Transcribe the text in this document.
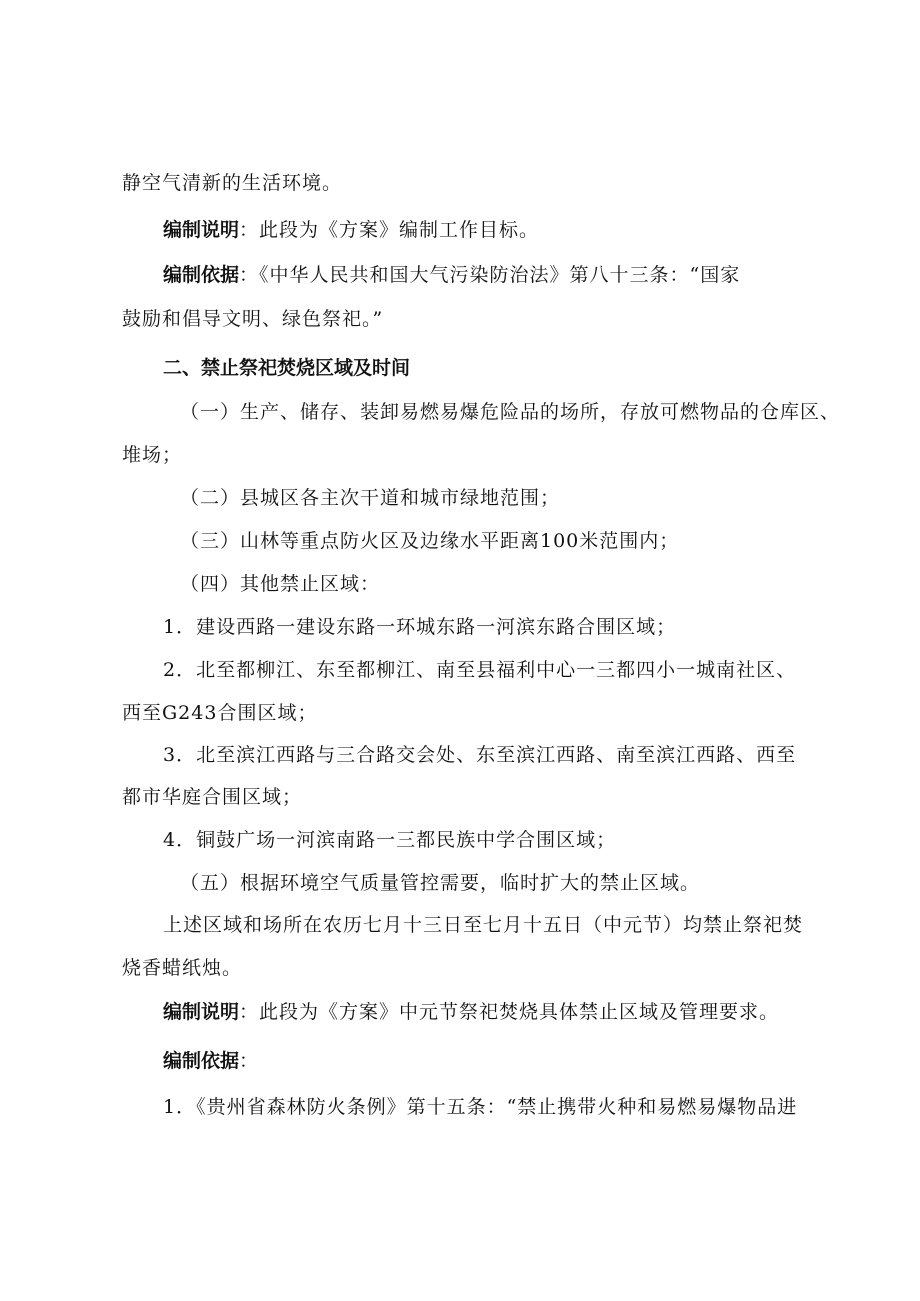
静空气清新的生活环境。
编制说明：此段为《方案》编制工作目标。
编制依据：《中华人民共和国大气污染防治法》第八十三条：“国家
鼓励和倡导文明、绿色祭祀。”
二、禁止祭祀焚烧区域及时间
（一）生产、储存、装卸易燃易爆危险品的场所，存放可燃物品的仓库区、
堆场；
（二）县城区各主次干道和城市绿地范围；
（三）山林等重点防火区及边缘水平距离100米范围内；
（四）其他禁止区域：
1．建设西路一建设东路一环城东路一河滨东路合围区域；
2．北至都柳江、东至都柳江、南至县福利中心一三都四小一城南社区、
西至G243合围区域；
3．北至滨江西路与三合路交会处、东至滨江西路、南至滨江西路、西至
都市华庭合围区域；
4．铜鼓广场一河滨南路一三都民族中学合围区域；
（五）根据环境空气质量管控需要，临时扩大的禁止区域。
上述区域和场所在农历七月十三日至七月十五日（中元节）均禁止祭祀焚
烧香蜡纸烛。
编制说明：此段为《方案》中元节祭祀焚烧具体禁止区域及管理要求。
编制依据：
1．《贵州省森林防火条例》第十五条：“禁止携带火种和易燃易爆物品进
